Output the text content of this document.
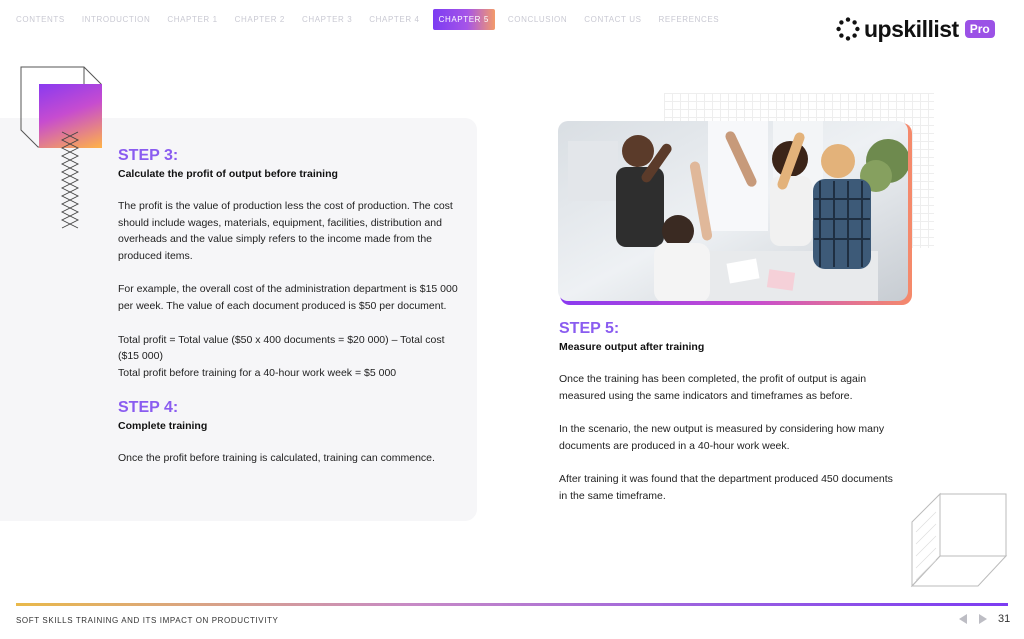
CONTENTS INTRODUCTION CHAPTER 1 CHAPTER 2 CHAPTER 3 CHAPTER 4	CHAPTER 5	CONCLUSION CONTACT US REFERENCES	upskillist Pro
STEP 3:
Calculate the profit of output before training

The profit is the value of production less the cost of production. The cost should include wages, materials, equipment, facilities, distribution and overheads and the value simply refers to the income made from the produced items.

For example, the overall cost of the administration department is $15 000 per week. The value of each document produced is $50 per document.

Total profit = Total value ($50 x 400 documents = $20 000) – Total cost ($15 000)
Total profit before training for a 40-hour work week = $5 000

STEP 4:
Complete training

Once the profit before training is calculated, training can commence.

STEP 5:
Measure output after training

Once the training has been completed, the profit of output is again measured using the same indicators and timeframes as before.

In the scenario, the new output is measured by considering how many documents are produced in a 40-hour work week.

After training it was found that the department produced 450 documents in the same timeframe.

SOFT SKILLS TRAINING AND ITS IMPACT ON PRODUCTIVITY	31
